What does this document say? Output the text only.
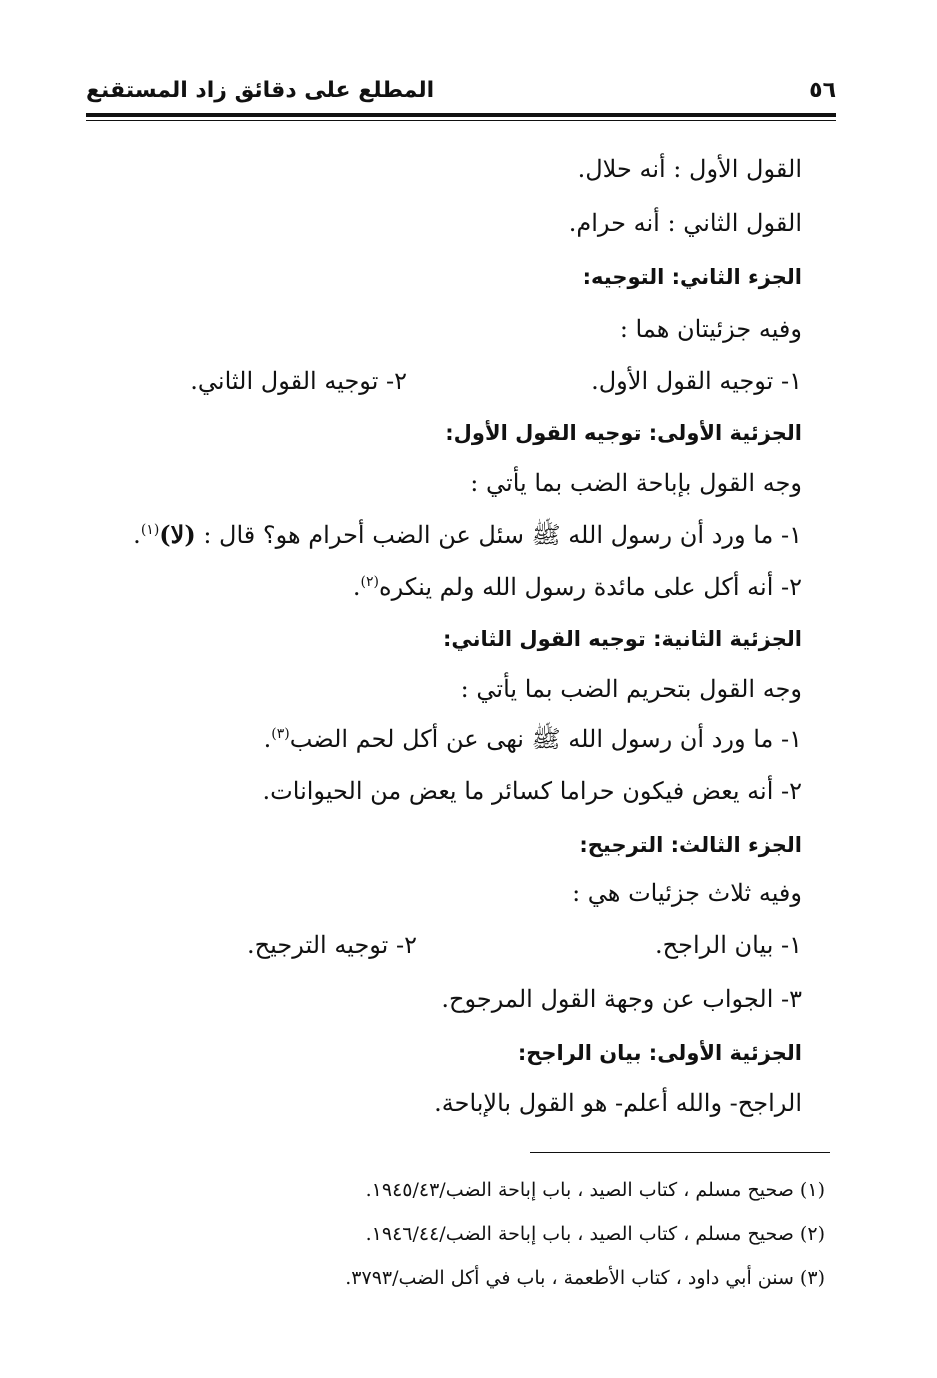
المطلع على دقائق زاد المستقنع	٥٦
القول الأول : أنه حلال.
القول الثاني : أنه حرام.
الجزء الثاني: التوجيه:
وفيه جزئيتان هما :
١- توجيه القول الأول.
٢- توجيه القول الثاني.
الجزئية الأولى: توجيه القول الأول:
وجه القول بإباحة الضب بما يأتي :
١- ما ورد أن رسول الله ﷺ سئل عن الضب أحرام هو؟ قال : (لا)$^{(١)}$.
٢- أنه أكل على مائدة رسول الله ولم ينكره$^{(٢)}$.
الجزئية الثانية: توجيه القول الثاني:
وجه القول بتحريم الضب بما يأتي :
١- ما ورد أن رسول الله ﷺ نهى عن أكل لحم الضب$^{(٣)}$.
٢- أنه يعض فيكون حراما كسائر ما يعض من الحيوانات.
الجزء الثالث: الترجيح:
وفيه ثلاث جزئيات هي :
١- بيان الراجح.
٢- توجيه الترجيح.
٣- الجواب عن وجهة القول المرجوح.
الجزئية الأولى: بيان الراجح:
الراجح- والله أعلم- هو القول بالإباحة.
(١) صحيح مسلم ، كتاب الصيد ، باب إباحة الضب/١٩٤٥/٤٣.
(٢) صحيح مسلم ، كتاب الصيد ، باب إباحة الضب/١٩٤٦/٤٤.
(٣) سنن أبي داود ، كتاب الأطعمة ، باب في أكل الضب/٣٧٩٣.
